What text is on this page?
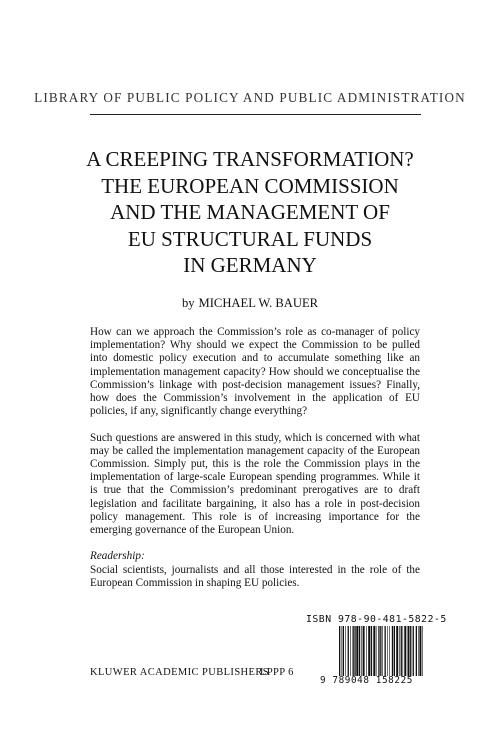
LIBRARY OF PUBLIC POLICY AND PUBLIC ADMINISTRATION
A CREEPING TRANSFORMATION?
THE EUROPEAN COMMISSION
AND THE MANAGEMENT OF
EU STRUCTURAL FUNDS
IN GERMANY
by MICHAEL W. BAUER

How can we approach the Commission’s role as co-manager of policy implementation? Why should we expect the Commission to be pulled into domestic policy execution and to accumulate something like an implementation management capacity? How should we conceptualise the Commission’s linkage with post-decision management issues? Finally, how does the Commission’s involvement in the application of EU policies, if any, significantly change everything?

Such questions are answered in this study, which is concerned with what may be called the implementation management capacity of the European Commission. Simply put, this is the role the Commission plays in the implementation of large-scale European spending programmes. While it is true that the Commission’s predominant prerogatives are to draft legislation and facilitate bargaining, it also has a role in post-decision policy management. This role is of increasing importance for the emerging governance of the European Union.

Readership:

Social scientists, journalists and all those interested in the role of the European Commission in shaping EU policies.

ISBN 978-90-481-5822-5
9 789048 158225
KLUWER ACADEMIC PUBLISHERS
LPPP 6
